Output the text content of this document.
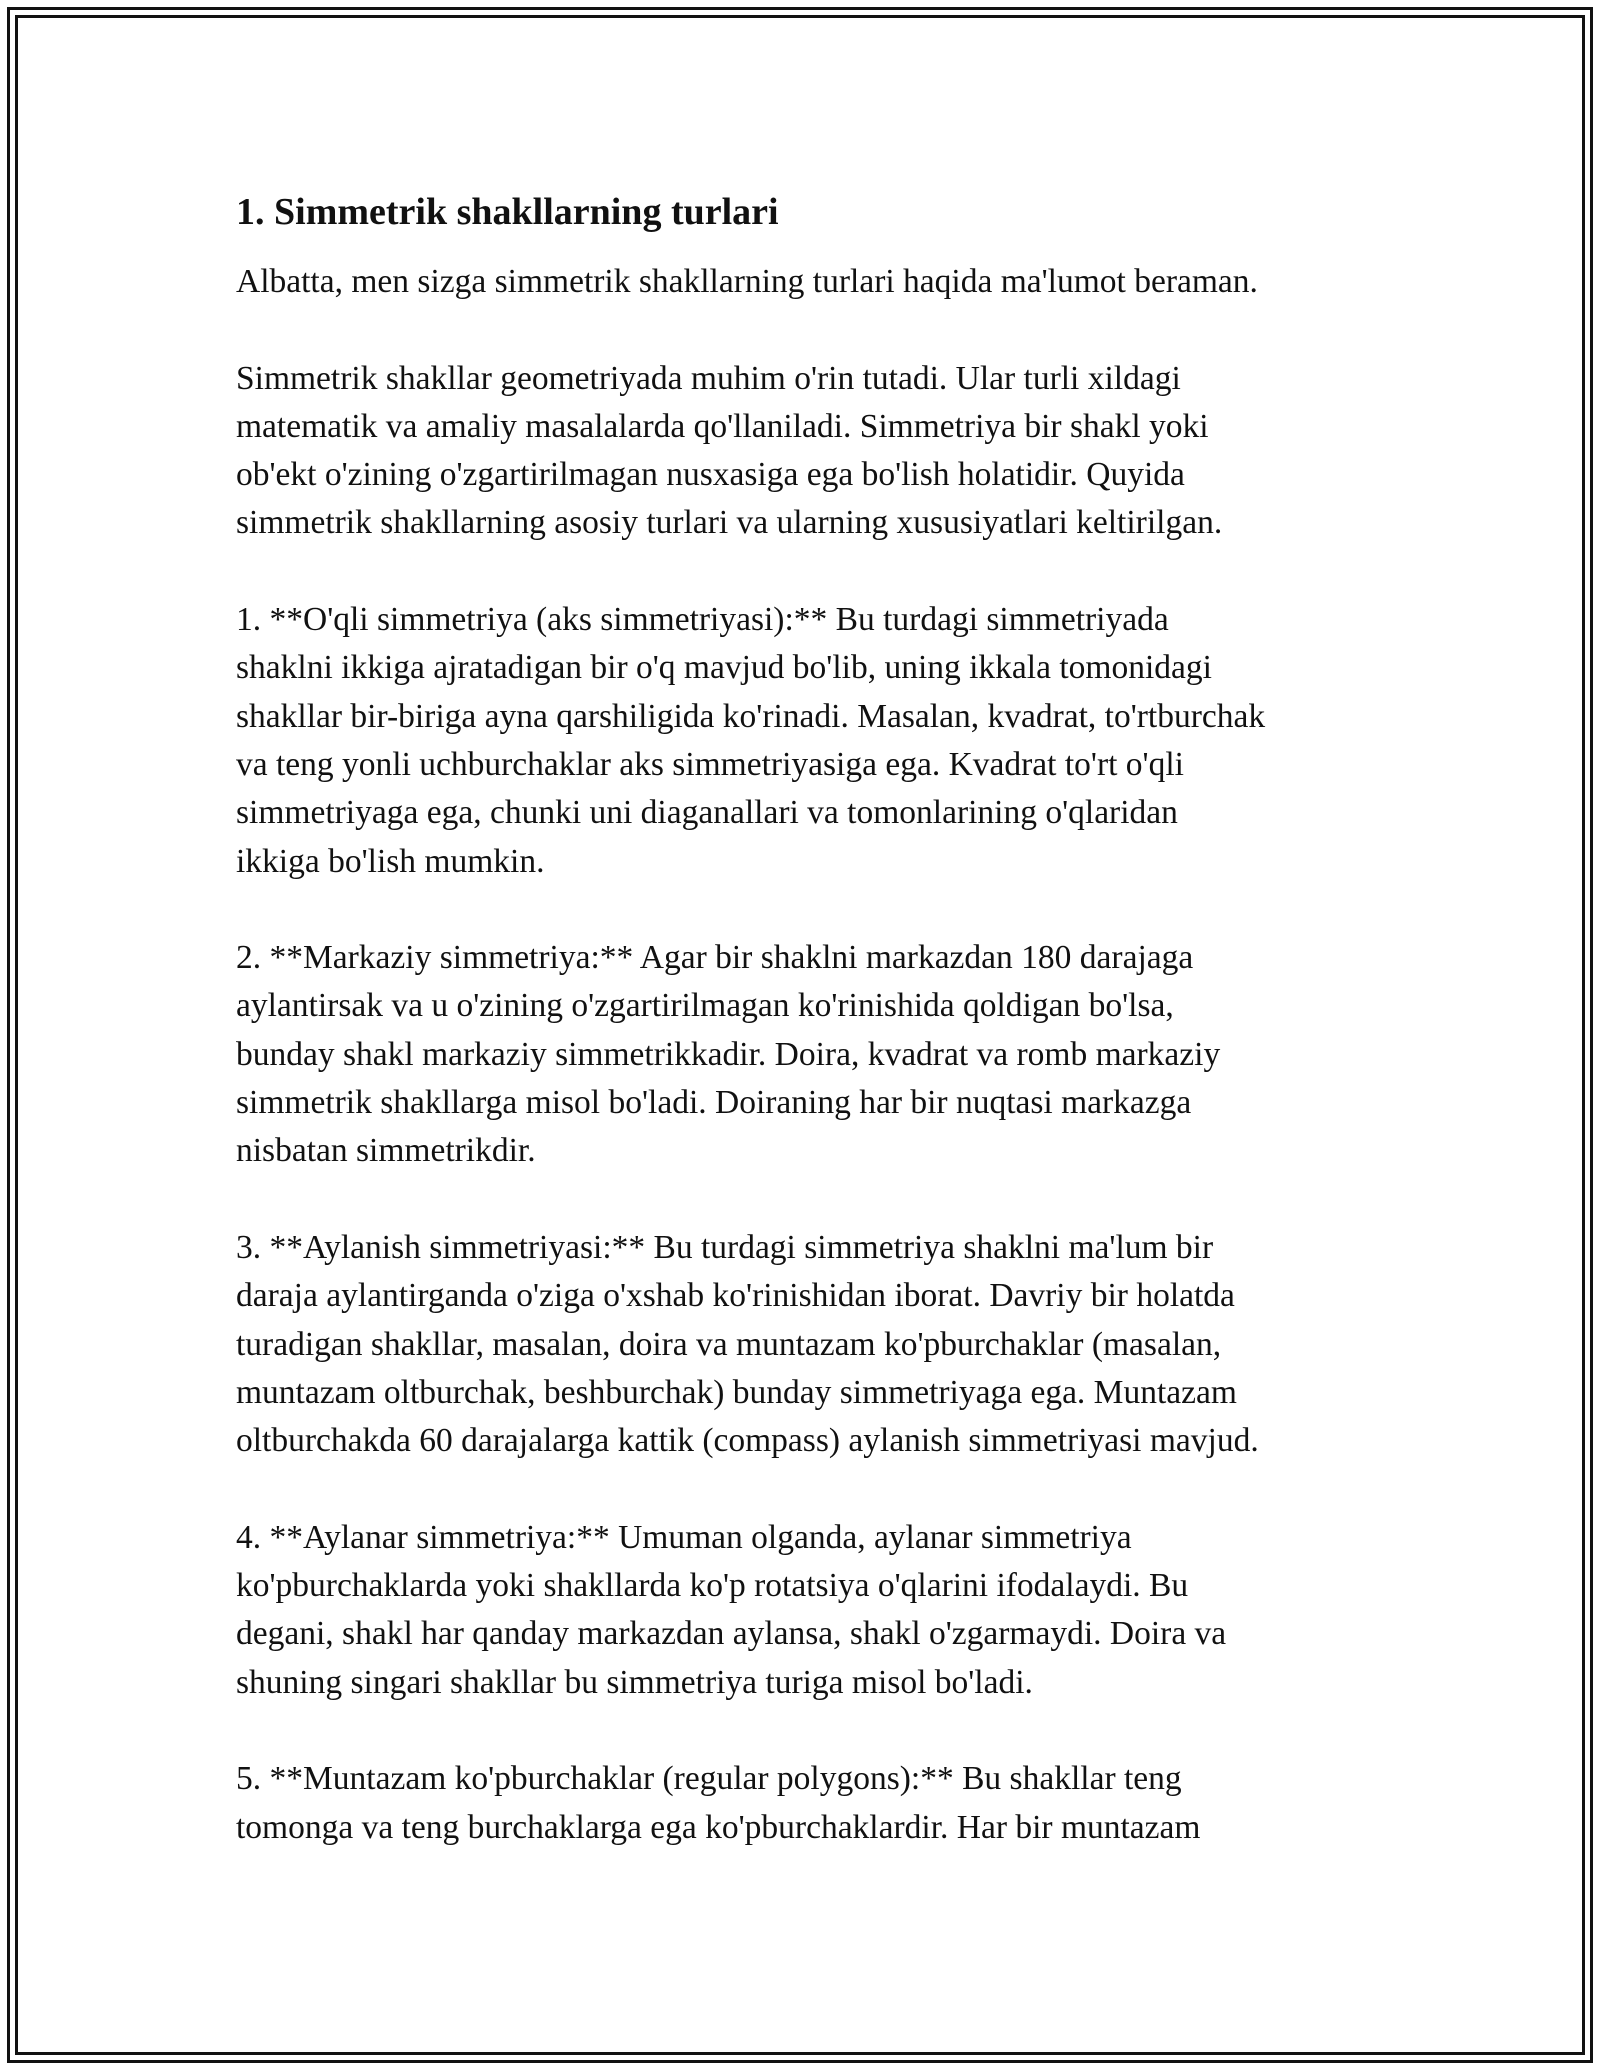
1. Simmetrik shakllarning turlari
Albatta, men sizga simmetrik shakllarning turlari haqida ma'lumot beraman.
Simmetrik shakllar geometriyada muhim o'rin tutadi. Ular turli xildagi
matematik va amaliy masalalarda qo'llaniladi. Simmetriya bir shakl yoki
ob'ekt o'zining o'zgartirilmagan nusxasiga ega bo'lish holatidir. Quyida
simmetrik shakllarning asosiy turlari va ularning xususiyatlari keltirilgan.
1. **O'qli simmetriya (aks simmetriyasi):** Bu turdagi simmetriyada
shaklni ikkiga ajratadigan bir o'q mavjud bo'lib, uning ikkala tomonidagi
shakllar bir-biriga ayna qarshiligida ko'rinadi. Masalan, kvadrat, to'rtburchak
va teng yonli uchburchaklar aks simmetriyasiga ega. Kvadrat to'rt o'qli
simmetriyaga ega, chunki uni diaganallari va tomonlarining o'qlaridan
ikkiga bo'lish mumkin.
2. **Markaziy simmetriya:** Agar bir shaklni markazdan 180 darajaga
aylantirsak va u o'zining o'zgartirilmagan ko'rinishida qoldigan bo'lsa,
bunday shakl markaziy simmetrikkadir. Doira, kvadrat va romb markaziy
simmetrik shakllarga misol bo'ladi. Doiraning har bir nuqtasi markazga
nisbatan simmetrikdir.
3. **Aylanish simmetriyasi:** Bu turdagi simmetriya shaklni ma'lum bir
daraja aylantirganda o'ziga o'xshab ko'rinishidan iborat. Davriy bir holatda
turadigan shakllar, masalan, doira va muntazam ko'pburchaklar (masalan,
muntazam oltburchak, beshburchak) bunday simmetriyaga ega. Muntazam
oltburchakda 60 darajalarga kattik (compass) aylanish simmetriyasi mavjud.
4. **Aylanar simmetriya:** Umuman olganda, aylanar simmetriya
ko'pburchaklarda yoki shakllarda ko'p rotatsiya o'qlarini ifodalaydi. Bu
degani, shakl har qanday markazdan aylansa, shakl o'zgarmaydi. Doira va
shuning singari shakllar bu simmetriya turiga misol bo'ladi.
5. **Muntazam ko'pburchaklar (regular polygons):** Bu shakllar teng
tomonga va teng burchaklarga ega ko'pburchaklardir. Har bir muntazam
